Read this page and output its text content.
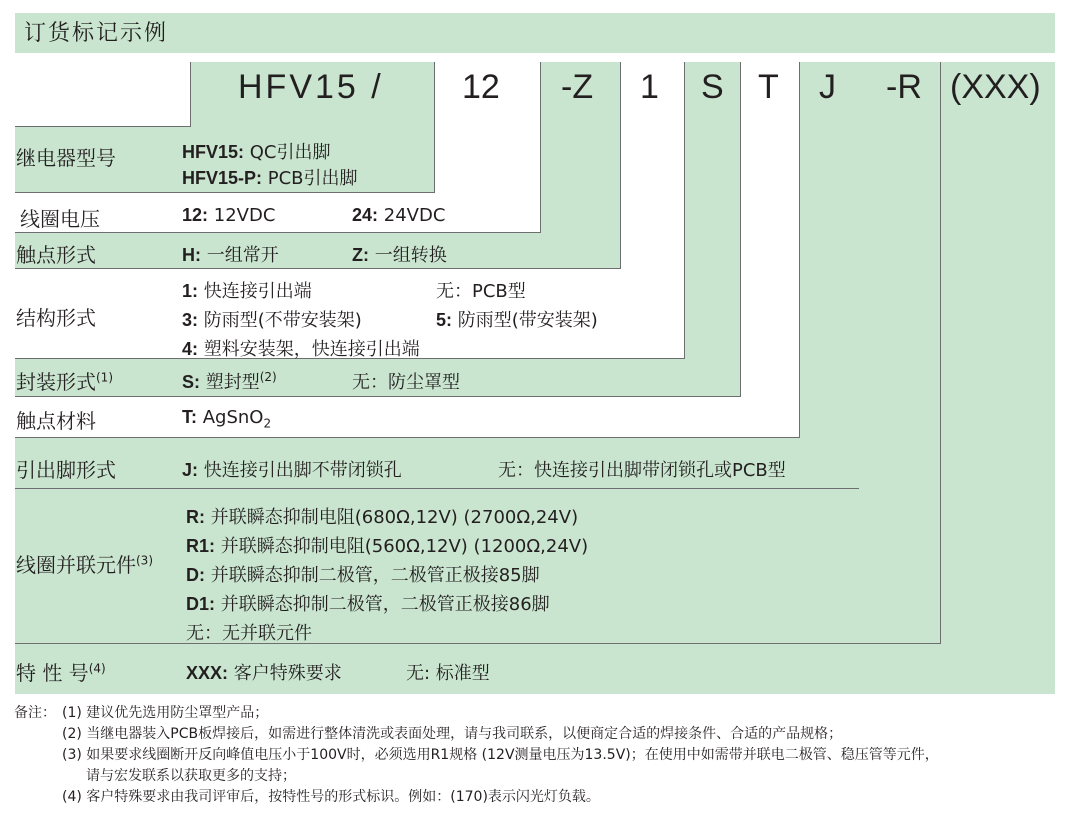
订货标记示例
HFV15 / 12 -Z 1 S T J -R (XXX)
继电器型号	HFV15: QC引出脚
HFV15-P: PCB引出脚
线圈电压	12: 12VDC	24: 24VDC
触点形式	H: 一组常开	Z: 一组转换
结构形式
1: 快连接引出端	无：PCB型
3: 防雨型(不带安装架)	5: 防雨型(带安装架)
4: 塑料安装架，快连接引出端
封装形式$^{(1)}$	S: 塑封型$^{(2)}$	无：防尘罩型
触点材料	T: AgSnO$_2$
引出脚形式	J: 快连接引出脚不带闭锁孔	无：快连接引出脚带闭锁孔或PCB型
线圈并联元件$^{(3)}$
R: 并联瞬态抑制电阻(680Ω,12V) (2700Ω,24V)
R1: 并联瞬态抑制电阻(560Ω,12V) (1200Ω,24V)
D: 并联瞬态抑制二极管，二极管正极接85脚
D1: 并联瞬态抑制二极管，二极管正极接86脚
无：无并联元件
特 性 号$^{(4)}$	XXX: 客户特殊要求	无: 标准型
备注： (1) 建议优先选用防尘罩型产品；
(2) 当继电器装入PCB板焊接后，如需进行整体清洗或表面处理，请与我司联系，以便商定合适的焊接条件、合适的产品规格；
(3) 如果要求线圈断开反向峰值电压小于100V时，必须选用R1规格 (12V测量电压为13.5V)；在使用中如需带并联电二极管、稳压管等元件，
请与宏发联系以获取更多的支持；
(4) 客户特殊要求由我司评审后，按特性号的形式标识。例如：(170)表示闪光灯负载。
